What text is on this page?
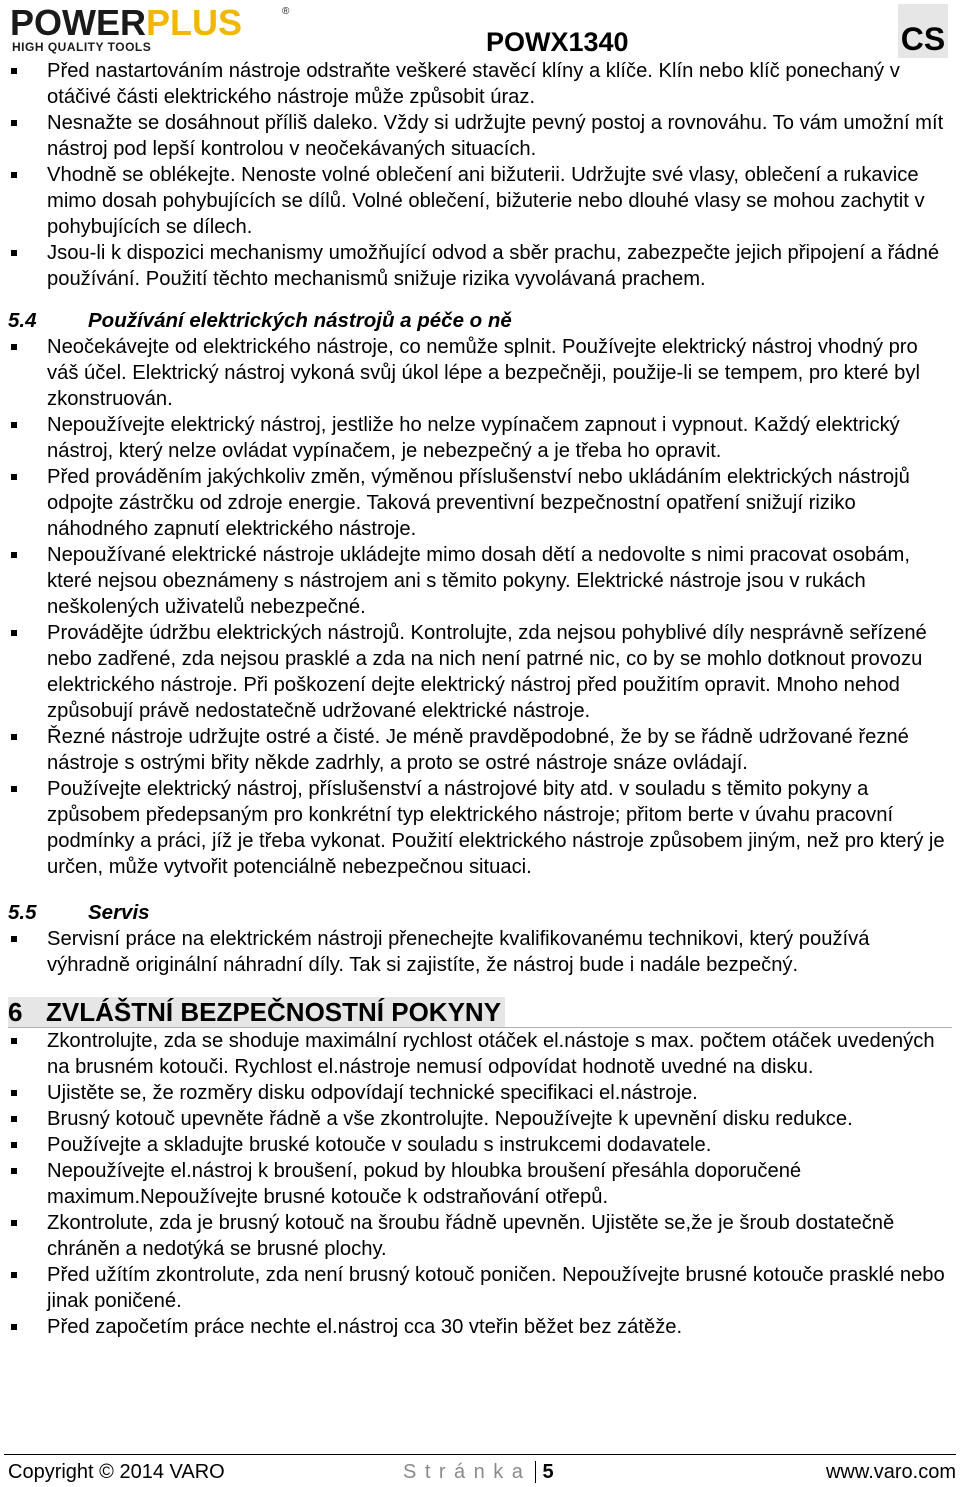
POWERPLUS	®
HIGH QUALITY TOOLS	POWX1340	CS
Před nastartováním nástroje odstraňte veškeré stavěcí klíny a klíče. Klín nebo klíč ponechaný v otáčivé části elektrického nástroje může způsobit úraz.
Nesnažte se dosáhnout příliš daleko. Vždy si udržujte pevný postoj a rovnováhu. To vám umožní mít nástroj pod lepší kontrolou v neočekávaných situacích.
Vhodně se oblékejte. Nenoste volné oblečení ani bižuterii. Udržujte své vlasy, oblečení a rukavice mimo dosah pohybujících se dílů. Volné oblečení, bižuterie nebo dlouhé vlasy se mohou zachytit v pohybujících se dílech.
Jsou-li k dispozici mechanismy umožňující odvod a sběr prachu, zabezpečte jejich připojení a řádné používání. Použití těchto mechanismů snižuje rizika vyvolávaná prachem.
5.4	Používání elektrických nástrojů a péče o ně
Neočekávejte od elektrického nástroje, co nemůže splnit. Používejte elektrický nástroj vhodný pro váš účel. Elektrický nástroj vykoná svůj úkol lépe a bezpečněji, použije-li se tempem, pro které byl zkonstruován.
Nepoužívejte elektrický nástroj, jestliže ho nelze vypínačem zapnout i vypnout. Každý elektrický nástroj, který nelze ovládat vypínačem, je nebezpečný a je třeba ho opravit.
Před prováděním jakýchkoliv změn, výměnou příslušenství nebo ukládáním elektrických nástrojů odpojte zástrčku od zdroje energie. Taková preventivní bezpečnostní opatření snižují riziko náhodného zapnutí elektrického nástroje.
Nepoužívané elektrické nástroje ukládejte mimo dosah dětí a nedovolte s nimi pracovat osobám, které nejsou obeznámeny s nástrojem ani s těmito pokyny. Elektrické nástroje jsou v rukách neškolených uživatelů nebezpečné.
Provádějte údržbu elektrických nástrojů. Kontrolujte, zda nejsou pohyblivé díly nesprávně seřízené nebo zadřené, zda nejsou prasklé a zda na nich není patrné nic, co by se mohlo dotknout provozu elektrického nástroje. Při poškození dejte elektrický nástroj před použitím opravit. Mnoho nehod způsobují právě nedostatečně udržované elektrické nástroje.
Řezné nástroje udržujte ostré a čisté. Je méně pravděpodobné, že by se řádně udržované řezné nástroje s ostrými břity někde zadrhly, a proto se ostré nástroje snáze ovládají.
Používejte elektrický nástroj, příslušenství a nástrojové bity atd. v souladu s těmito pokyny a způsobem předepsaným pro konkrétní typ elektrického nástroje; přitom berte v úvahu pracovní podmínky a práci, jíž je třeba vykonat. Použití elektrického nástroje způsobem jiným, než pro který je určen, může vytvořit potenciálně nebezpečnou situaci.
5.5	Servis
Servisní práce na elektrickém nástroji přenechejte kvalifikovanému technikovi, který používá výhradně originální náhradní díly. Tak si zajistíte, že nástroj bude i nadále bezpečný.
6 ZVLÁŠTNÍ BEZPEČNOSTNÍ POKYNY
Zkontrolujte, zda se shoduje maximální rychlost otáček el.nástoje s max. počtem otáček uvedených na brusném kotouči. Rychlost el.nástroje nemusí odpovídat hodnotě uvedné na disku.
Ujistěte se, že rozměry disku odpovídají technické specifikaci el.nástroje.
Brusný kotouč upevněte řádně a vše zkontrolujte. Nepoužívejte k upevnění disku redukce.
Používejte a skladujte bruské kotouče v souladu s instrukcemi dodavatele.
Nepoužívejte el.nástroj k broušení, pokud by hloubka broušení přesáhla doporučené maximum.Nepoužívejte brusné kotouče k odstraňování otřepů.
Zkontrolute, zda je brusný kotouč na šroubu řádně upevněn. Ujistěte se,že je šroub dostatečně chráněn a nedotýká se brusné plochy.
Před užítím zkontrolute, zda není brusný kotouč poničen. Nepoužívejte brusné kotouče prasklé nebo jinak poničené.
Před započetím práce nechte el.nástroj cca 30 vteřin běžet bez zátěže.
Copyright © 2014 VARO	Stránka 5	www.varo.com
